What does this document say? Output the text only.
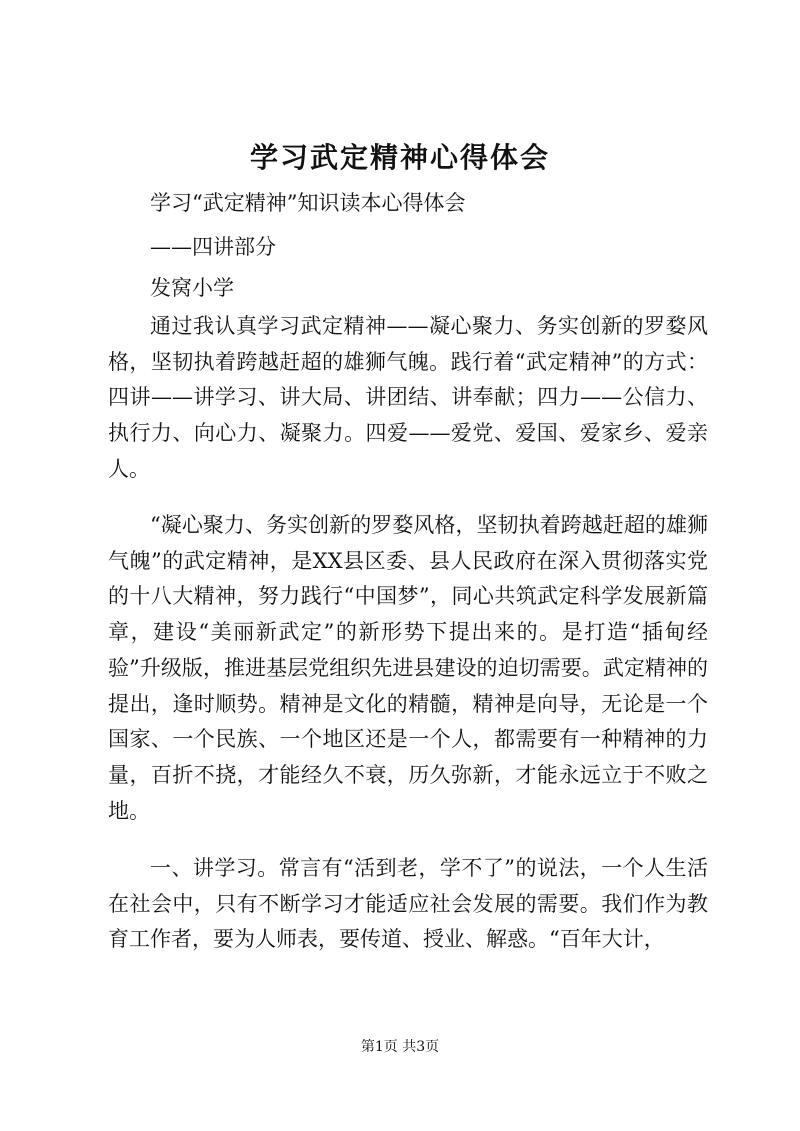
学习武定精神心得体会

学习“武定精神”知识读本心得体会

——四讲部分

发窝小学

通过我认真学习武定精神——凝心聚力、务实创新的罗婺风格，坚韧执着跨越赶超的雄狮气魄。践行着“武定精神”的方式：四讲——讲学习、讲大局、讲团结、讲奉献；四力——公信力、执行力、向心力、凝聚力。四爱——爱党、爱国、爱家乡、爱亲人。

“凝心聚力、务实创新的罗婺风格，坚韧执着跨越赶超的雄狮气魄”的武定精神，是XX县区委、县人民政府在深入贯彻落实党的十八大精神，努力践行“中国梦”，同心共筑武定科学发展新篇章，建设“美丽新武定”的新形势下提出来的。是打造“插甸经验”升级版，推进基层党组织先进县建设的迫切需要。武定精神的提出，逢时顺势。精神是文化的精髓，精神是向导，无论是一个国家、一个民族、一个地区还是一个人，都需要有一种精神的力量，百折不挠，才能经久不衰，历久弥新，才能永远立于不败之地。

一、讲学习。常言有“活到老，学不了”的说法，一个人生活在社会中，只有不断学习才能适应社会发展的需要。我们作为教育工作者，要为人师表，要传道、授业、解惑。“百年大计，

第1页 共3页
